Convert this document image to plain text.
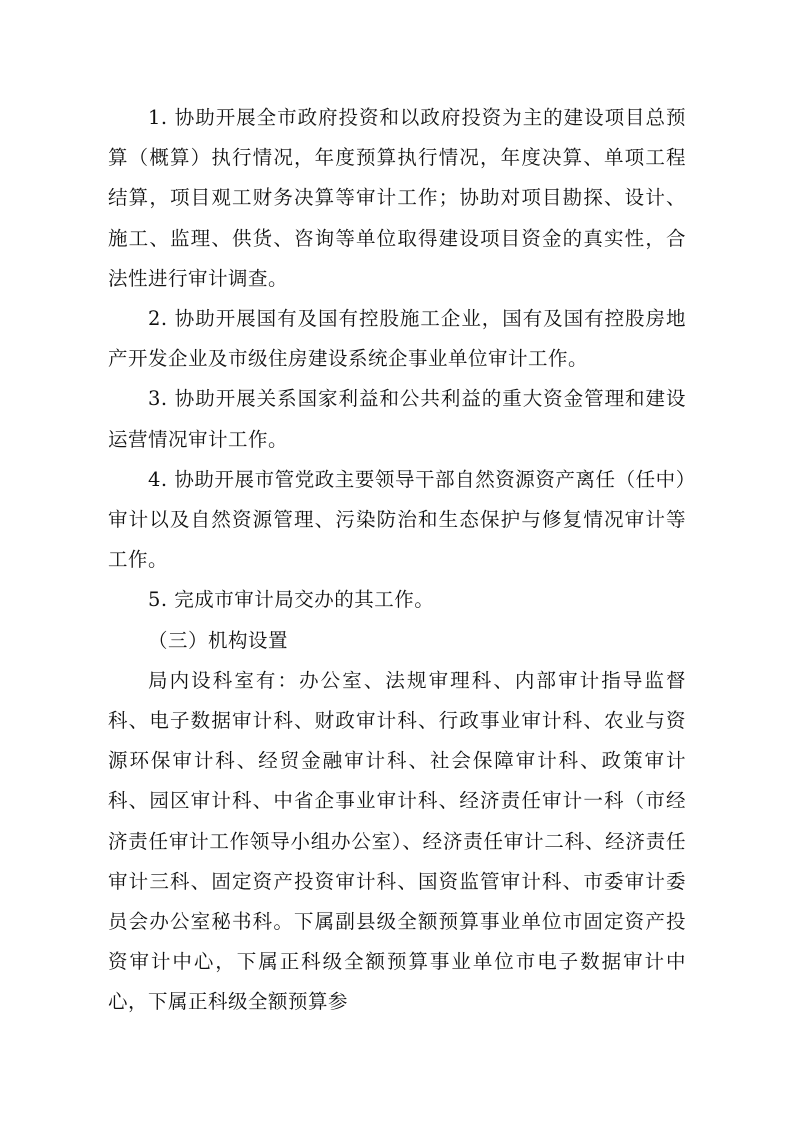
1. 协助开展全市政府投资和以政府投资为主的建设项目总预算（概算）执行情况，年度预算执行情况，年度决算、单项工程结算，项目观工财务决算等审计工作；协助对项目勘探、设计、施工、监理、供货、咨询等单位取得建设项目资金的真实性，合法性进行审计调查。

2. 协助开展国有及国有控股施工企业，国有及国有控股房地产开发企业及市级住房建设系统企事业单位审计工作。

3. 协助开展关系国家利益和公共利益的重大资金管理和建设运营情况审计工作。

4. 协助开展市管党政主要领导干部自然资源资产离任（任中）审计以及自然资源管理、污染防治和生态保护与修复情况审计等工作。

5. 完成市审计局交办的其工作。

（三）机构设置

局内设科室有：办公室、法规审理科、内部审计指导监督科、电子数据审计科、财政审计科、行政事业审计科、农业与资源环保审计科、经贸金融审计科、社会保障审计科、政策审计科、园区审计科、中省企事业审计科、经济责任审计一科（市经济责任审计工作领导小组办公室）、经济责任审计二科、经济责任审计三科、固定资产投资审计科、国资监管审计科、市委审计委员会办公室秘书科。下属副县级全额预算事业单位市固定资产投资审计中心，下属正科级全额预算事业单位市电子数据审计中心，下属正科级全额预算参
